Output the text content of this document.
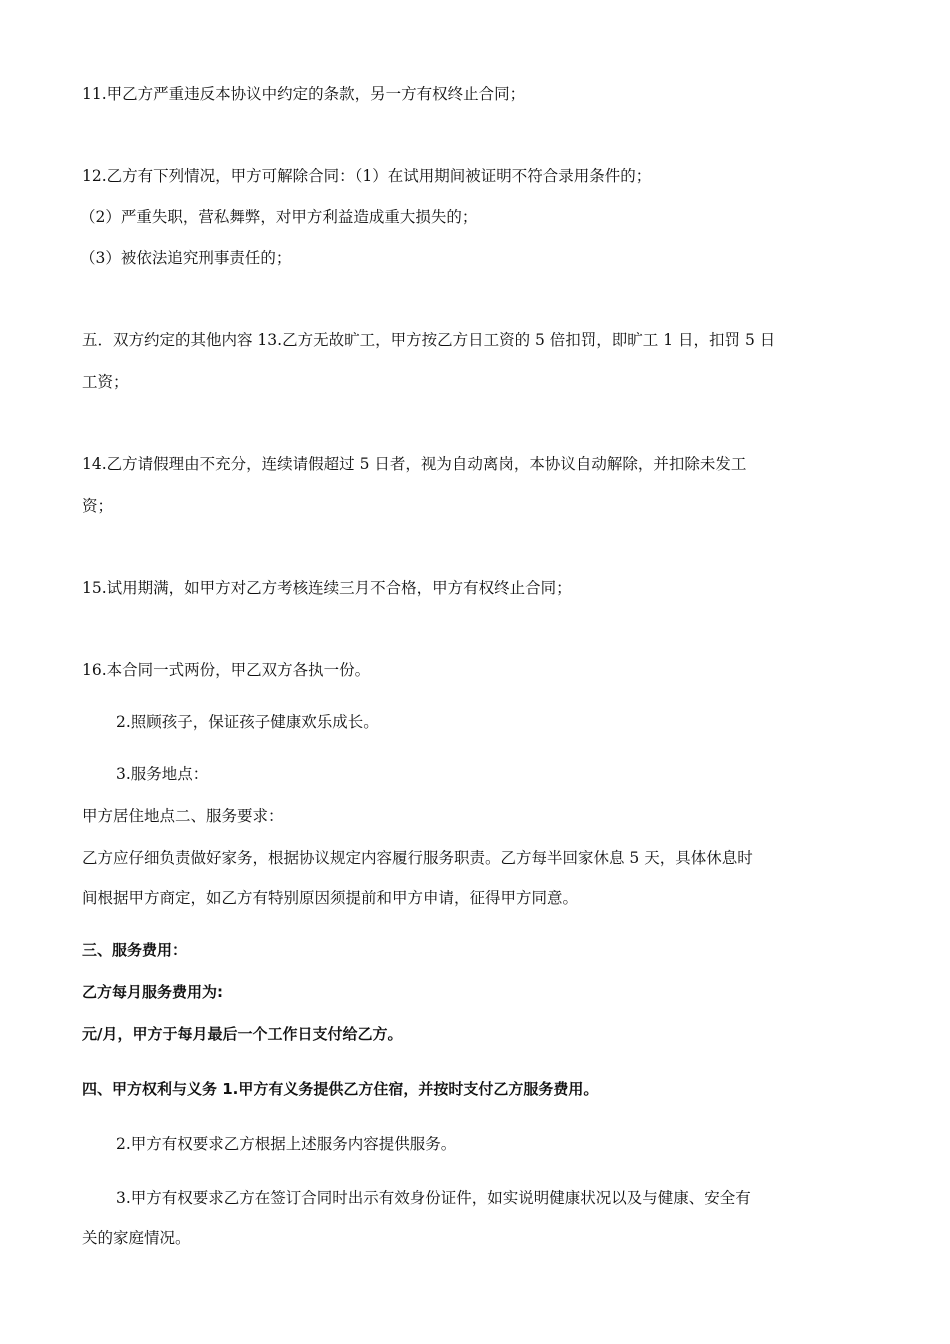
11.甲乙方严重违反本协议中约定的条款，另一方有权终止合同；

12.乙方有下列情况，甲方可解除合同：（1）在试用期间被证明不符合录用条件的；

（2）严重失职，营私舞弊，对甲方利益造成重大损失的；

（3）被依法追究刑事责任的；

五．双方约定的其他内容 13.乙方无故旷工，甲方按乙方日工资的 5 倍扣罚，即旷工 1 日，扣罚 5 日

工资；

14.乙方请假理由不充分，连续请假超过 5 日者，视为自动离岗，本协议自动解除，并扣除未发工

资；

15.试用期满，如甲方对乙方考核连续三月不合格，甲方有权终止合同；

16.本合同一式两份，甲乙双方各执一份。

2.照顾孩子，保证孩子健康欢乐成长。

3.服务地点：

甲方居住地点二、服务要求：

乙方应仔细负责做好家务，根据协议规定内容履行服务职责。乙方每半回家休息 5 天，具体休息时

间根据甲方商定，如乙方有特别原因须提前和甲方申请，征得甲方同意。

三、服务费用：

乙方每月服务费用为:

元/月，甲方于每月最后一个工作日支付给乙方。

四、甲方权利与义务 1.甲方有义务提供乙方住宿，并按时支付乙方服务费用。

2.甲方有权要求乙方根据上述服务内容提供服务。

3.甲方有权要求乙方在签订合同时出示有效身份证件，如实说明健康状况以及与健康、安全有

关的家庭情况。
